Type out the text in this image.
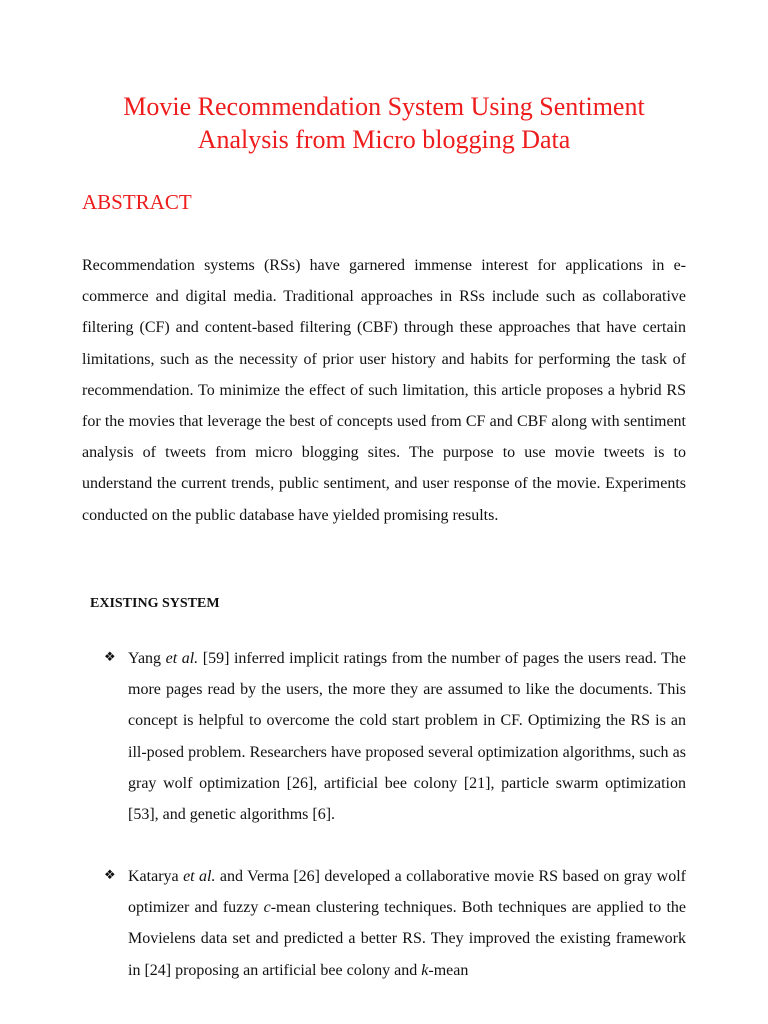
Movie Recommendation System Using Sentiment
Analysis from Micro blogging Data
ABSTRACT

Recommendation systems (RSs) have garnered immense interest for applications in e-commerce and digital media. Traditional approaches in RSs include such as collaborative filtering (CF) and content-based filtering (CBF) through these approaches that have certain limitations, such as the necessity of prior user history and habits for performing the task of recommendation. To minimize the effect of such limitation, this article proposes a hybrid RS for the movies that leverage the best of concepts used from CF and CBF along with sentiment analysis of tweets from micro blogging sites. The purpose to use movie tweets is to understand the current trends, public sentiment, and user response of the movie. Experiments conducted on the public database have yielded promising results.

EXISTING SYSTEM
❖ Yang et al. [59] inferred implicit ratings from the number of pages the users read. The more pages read by the users, the more they are assumed to like the documents. This concept is helpful to overcome the cold start problem in CF. Optimizing the RS is an ill-posed problem. Researchers have proposed several optimization algorithms, such as gray wolf optimization [26], artificial bee colony [21], particle swarm optimization [53], and genetic algorithms [6].

❖ Katarya et al. and Verma [26] developed a collaborative movie RS based on gray wolf optimizer and fuzzy c-mean clustering techniques. Both techniques are applied to the Movielens data set and predicted a better RS. They improved the existing framework in [24] proposing an artificial bee colony and k-mean
